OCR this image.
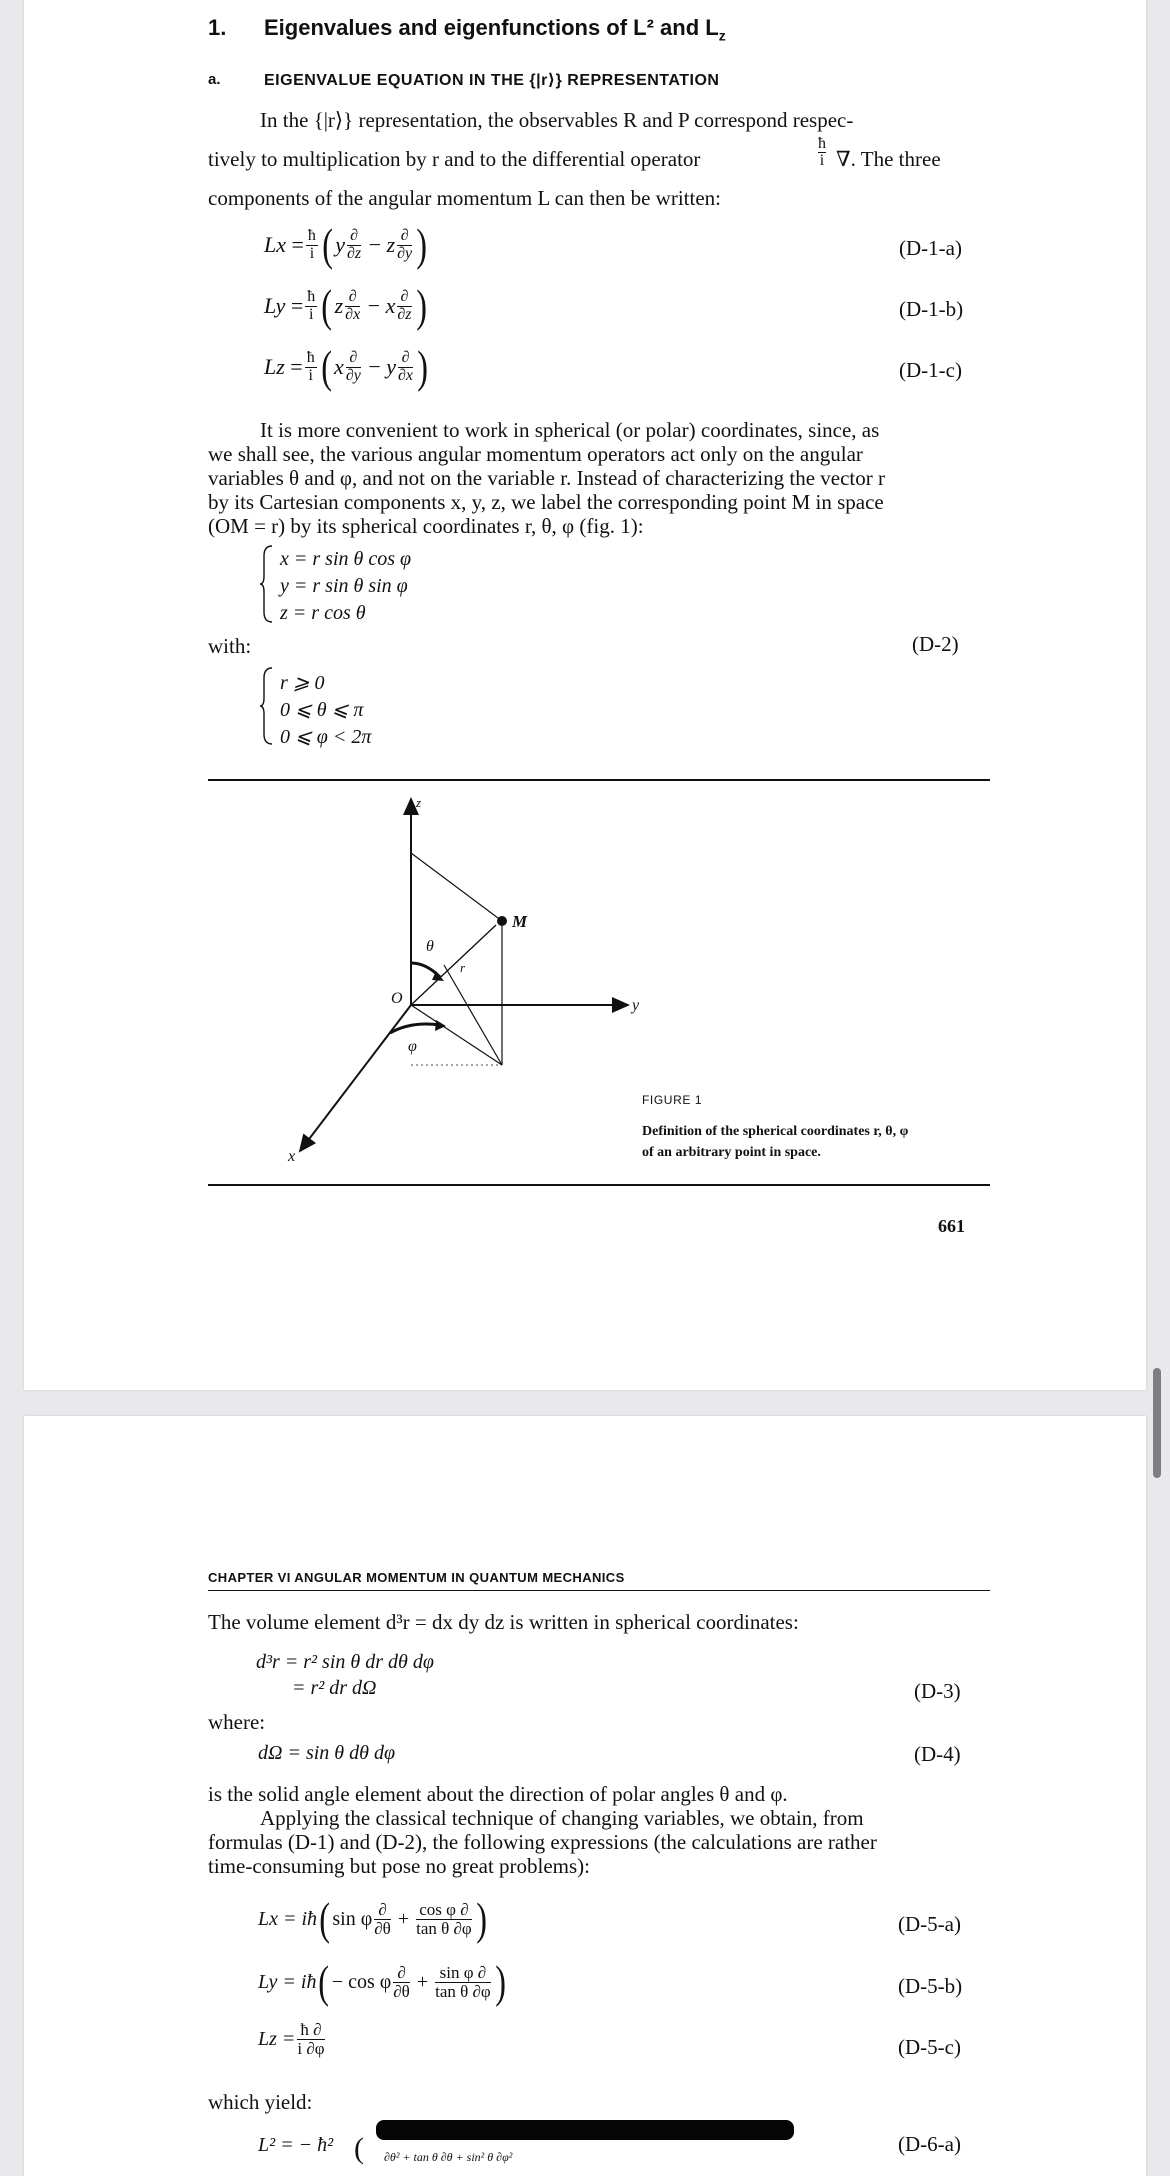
1. Eigenvalues and eigenfunctions of L² and $L_z$
a.	EIGENVALUE EQUATION IN THE {|r⟩} REPRESENTATION
In the {|r⟩} representation, the observables R and P correspond respec-
tively to multiplication by r and to the differential operator
ħ
i ∇. The three
components of the angular momentum L can then be written:
$Lx = \frac{ħ}{i}$ ( y $\frac{\partial}{\partial z} - z \frac{\partial}{\partial y}$ )	(D-1-a)
$Ly = \frac{ħ}{i}$ ( z $\frac{\partial}{\partial x} - x \frac{\partial}{\partial z}$ )	(D-1-b)
$Lz = \frac{ħ}{i}$ ( x $\frac{\partial}{\partial y} - y \frac{\partial}{\partial x}$ )	(D-1-c)
It is more convenient to work in spherical (or polar) coordinates, since, as
we shall see, the various angular momentum operators act only on the angular
variables θ and φ, and not on the variable r. Instead of characterizing the vector r
by its Cartesian components x, y, z, we label the corresponding point M in space
(OM = r) by its spherical coordinates r, θ, φ (fig. 1):
x = r sin θ cos φ
y = r sin θ sin φ
z = r cos θ
with:	(D-2)
r ⩾ 0
0 ⩽ θ ⩽ π
0 ⩽ φ < 2π
z
y
x
O
M
θ
r
φ
FIGURE 1
Definition of the spherical coordinates r, θ, φ
of an arbitrary point in space.
661
CHAPTER VI ANGULAR MOMENTUM IN QUANTUM MECHANICS
The volume element d³r = dx dy dz is written in spherical coordinates:
d³r = r² sin θ dr dθ dφ
= r² dr dΩ	(D-3)
where:
dΩ = sin θ dθ dφ	(D-4)
is the solid angle element about the direction of polar angles θ and φ.
Applying the classical technique of changing variables, we obtain, from
formulas (D-1) and (D-2), the following expressions (the calculations are rather
time-consuming but pose no great problems):
Lx = iħ ( sin φ $\frac{\partial}{\partial\theta}$
+
$\frac{\text{cos φ ∂}}{\text{tan θ ∂φ}}$ )	(D-5-a)
Ly = iħ ( − cos φ $\frac{\partial}{\partial\theta}$
+
$\frac{\text{sin φ ∂}}{\text{tan θ ∂φ}}$ )	(D-5-b)
$Lz = \frac{ħ \partial}{i \partial\varphi}$	(D-5-c)
which yield:
L² = − ħ² ( ∂θ² + tan θ ∂θ + sin² θ ∂φ²
(D-6-a)
